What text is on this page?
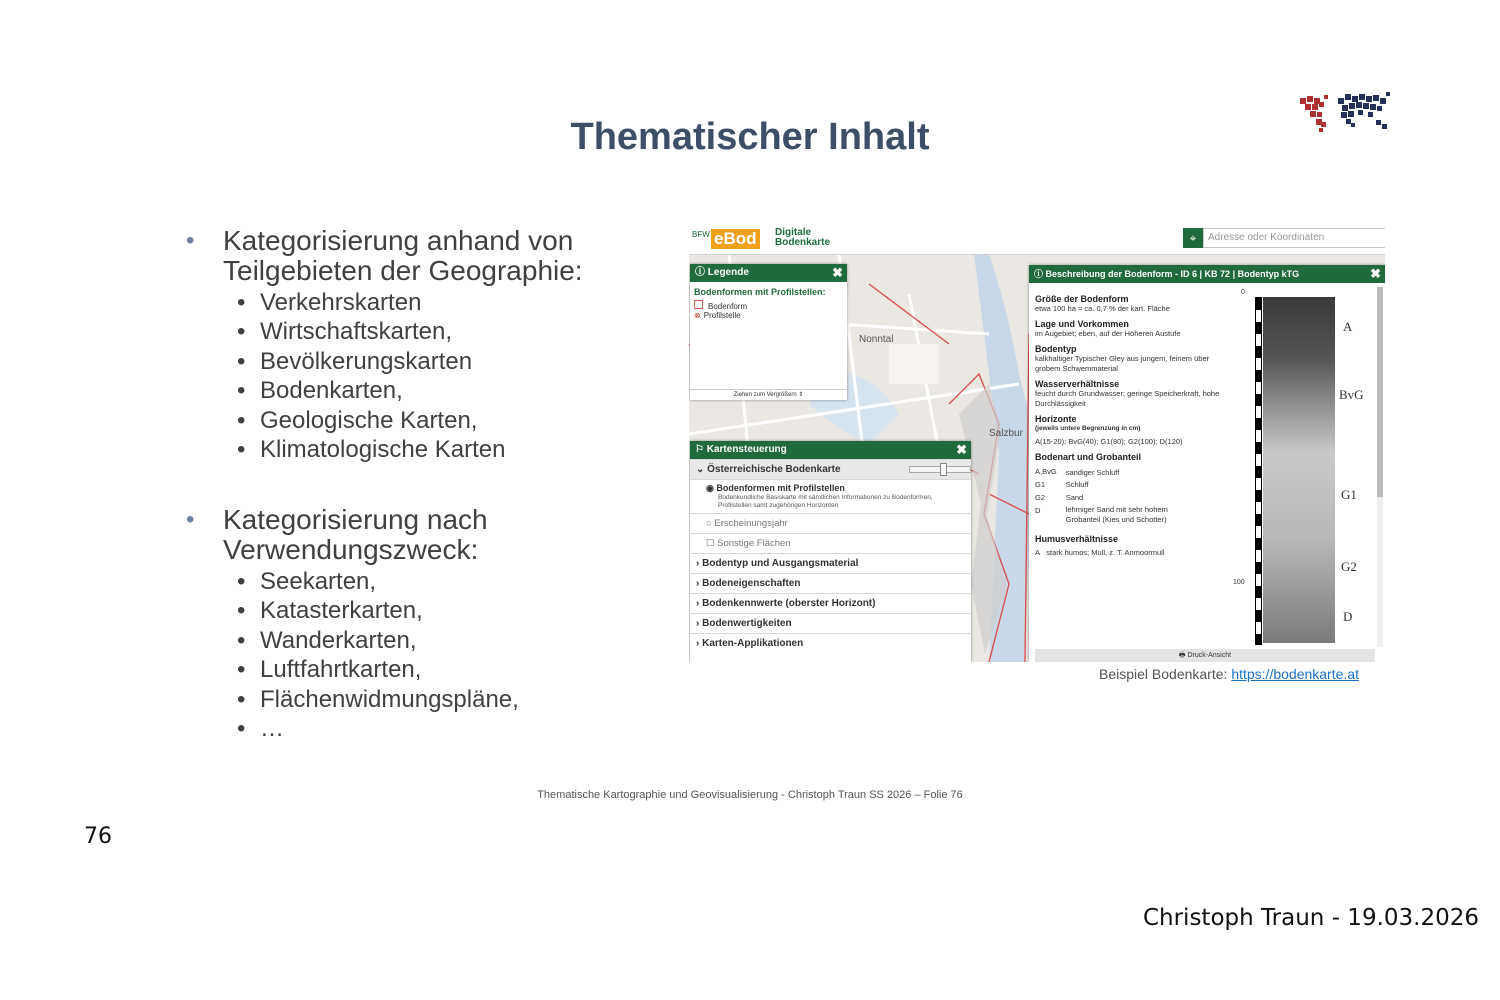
Thematischer Inhalt
• Kategorisierung anhand von
Teilgebieten der Geographie:
• Verkehrskarten
• Wirtschaftskarten,
• Bevölkerungskarten
• Bodenkarten,
• Geologische Karten,
• Klimatologische Karten
• Kategorisierung nach
Verwendungszweck:
• Seekarten,
• Katasterkarten,
• Wanderkarten,
• Luftfahrtkarten,
• Flächenwidmungspläne,
• …
Nonntal
Salzbur
BFW eBod	Digitale
Bodenkarte	⌖	Adresse oder Koordinaten
ⓘ Legende	✖
Bodenformen mit Profilstellen:
Bodenform
⊗ Profilstelle
Ziehen zum Vergrößern ⇕
⚐ Kartensteuerung	✖
⌄ Österreichische Bodenkarte
◉ Bodenformen mit Profilstellen
Bodenkundliche Basiskarte mit sämtlichen Informationen zu Bodenformen, Profilstellen samt zugehörigen Horizonten
○ Erscheinungsjahr
☐ Sonstige Flächen
› Bodentyp und Ausgangsmaterial
› Bodeneigenschaften
› Bodenkennwerte (oberster Horizont)
› Bodenwertigkeiten
› Karten-Applikationen
ⓘ Beschreibung der Bodenform - ID 6 | KB 72 | Bodentyp kTG	✖
Größe der Bodenform
etwa 100 ha = ca. 0,7 % der kart. Fläche
Lage und Vorkommen
im Augebiet; eben, auf der Höheren Austufe
Bodentyp
kalkhaltiger Typischer Gley aus jungem, feinem über grobem Schwemmaterial
Wasserverhältnisse
feucht durch Grundwasser; geringe Speicherkraft, hohe Durchlässigkeit
Horizonte
(jeweils untere Begrenzung in cm)
A(15-20); BvG(40); G1(80); G2(100); D(120)
Bodenart und Grobanteil
A,BvG	sandiger Schluff
G1	Schluff
G2	Sand
D	lehmiger Sand mit sehr hohem Grobanteil (Kies und Schotter)
Humusverhältnisse
A stark humos; Mull, z. T. Anmoormull
0
100
A
BvG
G1
G2
D
🖶 Druck-Ansicht
Beispiel Bodenkarte: https://bodenkarte.at
Thematische Kartographie und Geovisualisierung - Christoph Traun SS 2026 – Folie 76
76
Christoph Traun - 19.03.2026
